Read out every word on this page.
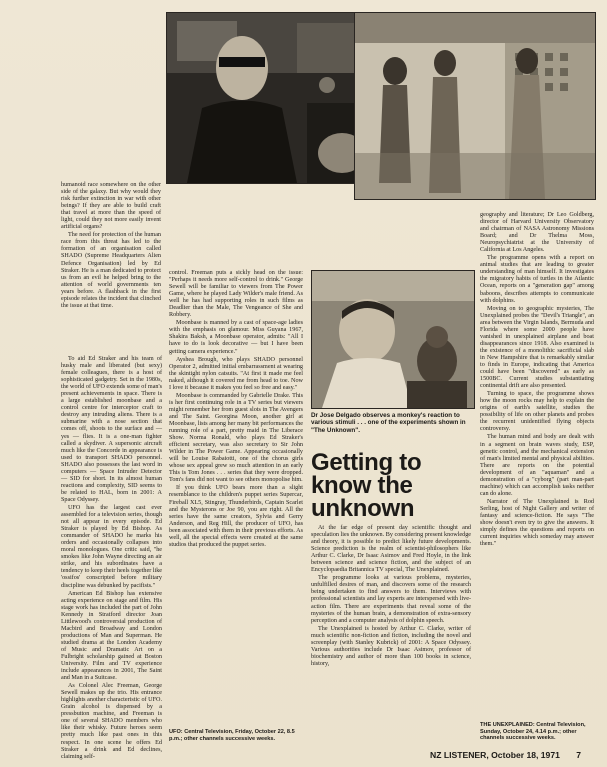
humanoid race somewhere on the other side of the galaxy. But why would they risk further extinction in war with other beings? If they are able to build craft that travel at more than the speed of light, could they not more easily invent artificial organs?

The need for protection of the human race from this threat has led to the formation of an organisation called SHADO (Supreme Headquarters Alien Defence Organisation) led by Ed Straker. He is a man dedicated to protect us from an evil he helped bring to the attention of world governments ten years before. A flashback in the first episode relates the incident that clinched the issue at that time.

To aid Ed Straker and his team of husky male and liberated (but sexy) female colleagues, there is a host of sophisticated gadgetry. Set in the 1980s, the world of UFO extends some of man's present achievements in space. There is a large established moonbase and a control centre for interceptor craft to destroy any intruding aliens. There is a submarine with a nose section that comes off, shoots to the surface and — yes — flies. It is a one-man fighter called a skydiver. A supersonic aircraft much like the Concorde in appearance is used to transport SHADO personnel. SHADO also possesses the last word in computers — Space Intruder Detector — SID for short. In its almost human reactions and complexity, SID seems to be related to HAL, born in 2001: A Space Odyssey.

UFO has the largest cast ever assembled for a television series, though not all appear in every episode. Ed Straker is played by Ed Bishop. As commander of SHADO he marks his orders and occasionally collapses into moral monologues. One critic said, "he smokes like John Wayne directing an air strike, and his subordinates have a tendency to keep their heels together like 'ossifos' conscripted before military discipline was debunked by pacifists."

American Ed Bishop has extensive acting experience on stage and film. His stage work has included the part of John Kennedy in Stratford director Joan Littlewood's controversial production of Macbird and Broadway and London productions of Man and Superman. He studied drama at the London Academy of Music and Dramatic Art on a Fulbright scholarship gained at Boston University. Film and TV experience include appearances in 2001, The Saint and Man in a Suitcase.

As Colonel Alec Freeman, George Sewell makes up the trio. His entrance highlights another characteristic of UFO. Grain alcohol is dispensed by a pressbutton machine, and Freeman is one of several SHADO members who like their whisky. Future heroes seem pretty much like past ones in this respect. In one scene he offers Ed Straker a drink and Ed declines, claiming self-

control. Freeman puts a sickly head on the issue: "Perhaps it needs more self-control to drink." George Sewell will be familiar to viewers from The Power Game, where he played Lady Wilder's male friend. As well he has had supporting roles in such films as Deadlier than the Male, The Vengeance of She and Robbery.

Moonbase is manned by a cast of space-age ladies with the emphasis on glamour. Miss Guyana 1967, Shakira Baksh, a Moonbase operator, admits: "All I have to do is look decorative — but I have been getting camera experience."

Ayshea Brough, who plays SHADO personnel Operator 2, admitted initial embarrassment at wearing the skintight nylon catsuits. "At first it made me feel naked, although it covered me from head to toe. Now I love it because it makes you feel so free and easy."

Moonbase is commanded by Gabrielle Drake. This is her first continuing role in a TV series but viewers might remember her from guest slots in The Avengers and The Saint. Georgina Moon, another girl at Moonbase, lists among her many bit performances the running role of a part, pretty maid in The Liberace Show. Norma Ronald, who plays Ed Straker's efficient secretary, was also secretary to Sir John Wilder in The Power Game. Appearing occasionally will be Louise Rabaiotti, one of the chorus girls whose sex appeal grew so much attention in an early This is Tom Jones . . . series that they were dropped. Tom's fans did not want to see others monopolise him.

If you think UFO bears more than a slight resemblance to the children's puppet series Supercar, Fireball XL5, Stingray, Thunderbirds, Captain Scarlet and the Mysterons or Joe 90, you are right. All the series have the same creators, Sylvia and Gerry Anderson, and Reg Hill, the producer of UFO, has been associated with them in their previous efforts. As well, all the special effects were created at the same studios that produced the puppet series.

UFO: Central Television, Friday, October 22, 8.5 p.m.; other channels successive weeks.
Dr Jose Delgado observes a monkey's reaction to various stimuli . . . one of the experiments shown in "The Unknown".
Getting to
know the
unknown

At the far edge of present day scientific thought and speculation lies the unknown. By considering present knowledge and theory, it is possible to predict likely future developments. Science prediction is the realm of scientist-philosophers like Arthur C. Clarke, Dr Isaac Asimov and Fred Hoyle, in the link between science and science fiction, and the subject of an Encyclopaedia Britannica TV special, The Unexplained.

The programme looks at various problems, mysteries, unfulfilled desires of man, and discovers some of the research being undertaken to find answers to them. Interviews with professional scientists and lay experts are interspersed with live-action film. There are experiments that reveal some of the mysteries of the human brain, a demonstration of extra-sensory perception and a computer analysis of dolphin speech.

The Unexplained is hosted by Arthur C. Clarke, writer of much scientific non-fiction and fiction, including the novel and screenplay (with Stanley Kubrick) of 2001: A Space Odyssey. Various authorities include Dr Isaac Asimov, professor of biochemistry and author of more than 100 books in science, history,

geography and literature; Dr Leo Goldberg, director of Harvard University Observatory and chairman of NASA Astronomy Missions Board; and Dr Thelma Moss, Neuropsychiatrist at the University of California at Los Angeles.

The programme opens with a report on animal studies that are leading to greater understanding of man himself. It investigates the migratory habits of turtles in the Atlantic Ocean, reports on a "generation gap" among baboons, describes attempts to communicate with dolphins.

Moving on to geographic mysteries, The Unexplained probes the "Devil's Triangle", an area between the Virgin Islands, Bermuda and Florida where some 2000 people have vanished in unexplained airplane and boat disappearances since 1918. Also examined is the existence of a monolithic sacrificial slab in New Hampshire that is remarkably similar to finds in Europe, indicating that America could have been "discovered" as early as 1500BC. Current studies substantiating continental drift are also presented.

Turning to space, the programme shows how the moon rocks may help to explain the origins of earth's satellite, studies the possibility of life on other planets and probes the recurrent unidentified flying objects controversy.

The human mind and body are dealt with in a segment on brain waves study, ESP, genetic control, and the mechanical extension of man's limited mental and physical abilities. There are reports on the potential development of an "aquaman" and a demonstration of a "cyborg" (part man-part machine) which can accomplish tasks neither can do alone.

Narrator of The Unexplained is Rod Serling, host of Night Gallery and writer of fantasy and science-fiction. He says "The show doesn't even try to give the answers. It simply defines the questions and reports on current inquiries which someday may answer them."

THE UNEXPLAINED: Central Television, Sunday, October 24, 4.14 p.m.; other channels successive weeks.
NZ LISTENER, October 18, 1971 7
